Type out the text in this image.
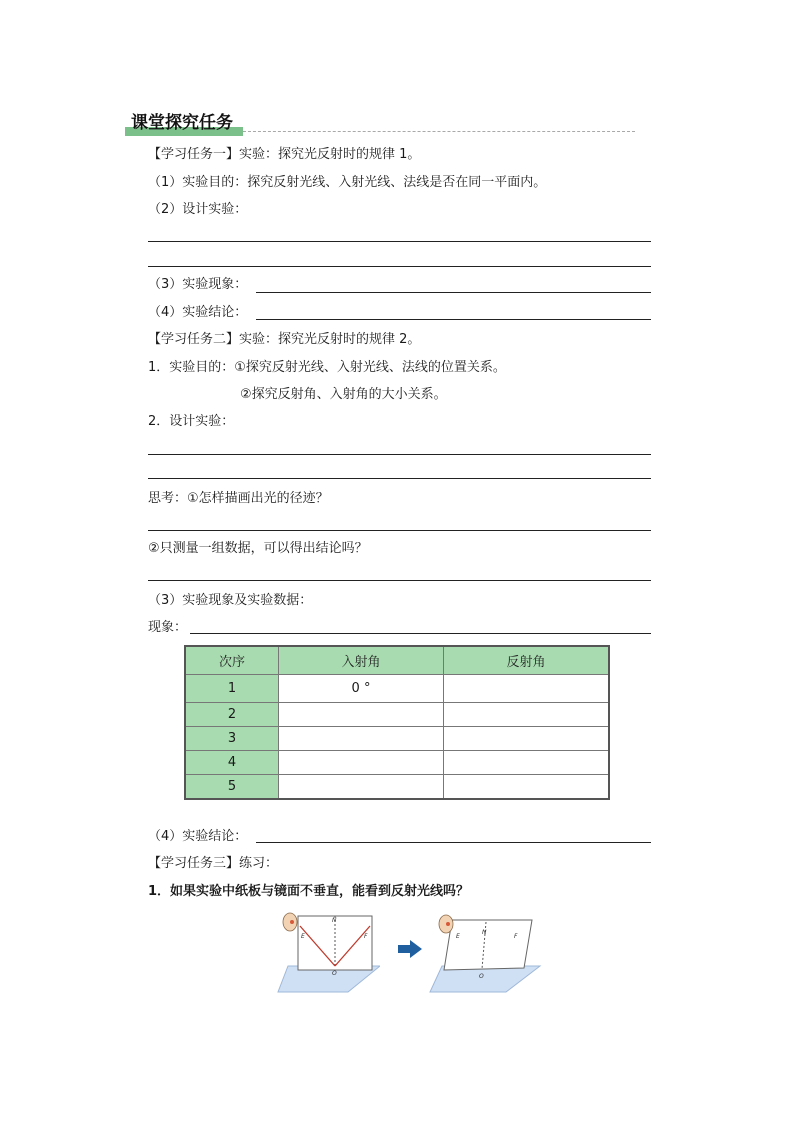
课堂探究任务
【学习任务一】实验：探究光反射时的规律 1。
（1）实验目的：探究反射光线、入射光线、法线是否在同一平面内。
（2）设计实验：
（3）实验现象：
（4）实验结论：
【学习任务二】实验：探究光反射时的规律 2。
1．实验目的：①探究反射光线、入射光线、法线的位置关系。
②探究反射角、入射角的大小关系。
2．设计实验：
思考：①怎样描画出光的径迹？
②只测量一组数据，可以得出结论吗？
（3）实验现象及实验数据：
现象：
次序	入射角	反射角
1	0 °	
2		
3		
4		
5		
（4）实验结论：
【学习任务三】练习：
1．如果实验中纸板与镜面不垂直，能看到反射光线吗？
E
N
F
O
E
N
F
O
